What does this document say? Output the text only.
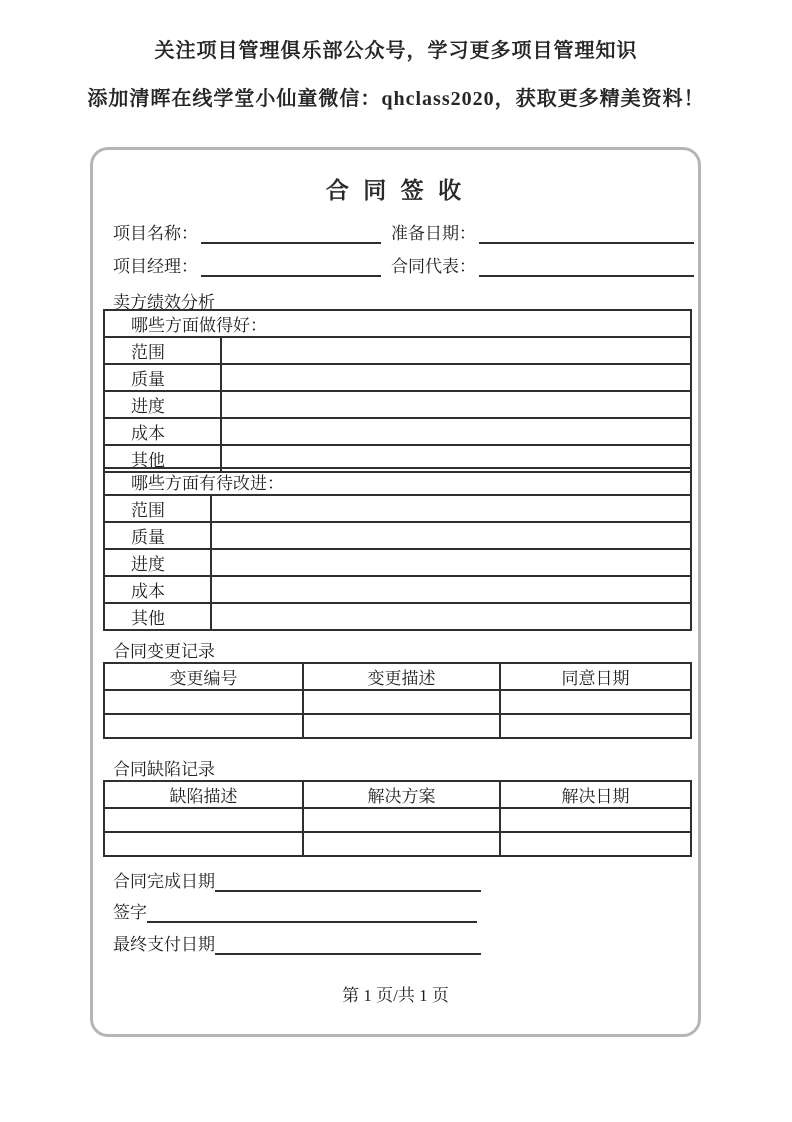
关注项目管理俱乐部公众号，学习更多项目管理知识
添加清晖在线学堂小仙童微信：qhclass2020，获取更多精美资料！
合 同 签 收
项目名称：	准备日期：
项目经理：	合同代表：
卖方绩效分析
哪些方面做得好：	
范围	
质量	
进度	
成本	
其他	
哪些方面有待改进：	
范围	
质量	
进度	
成本	
其他	
合同变更记录
变更编号	变更描述	同意日期

合同缺陷记录
缺陷描述	解决方案	解决日期

合同完成日期
签字
最终支付日期
第 1 页/共 1 页
